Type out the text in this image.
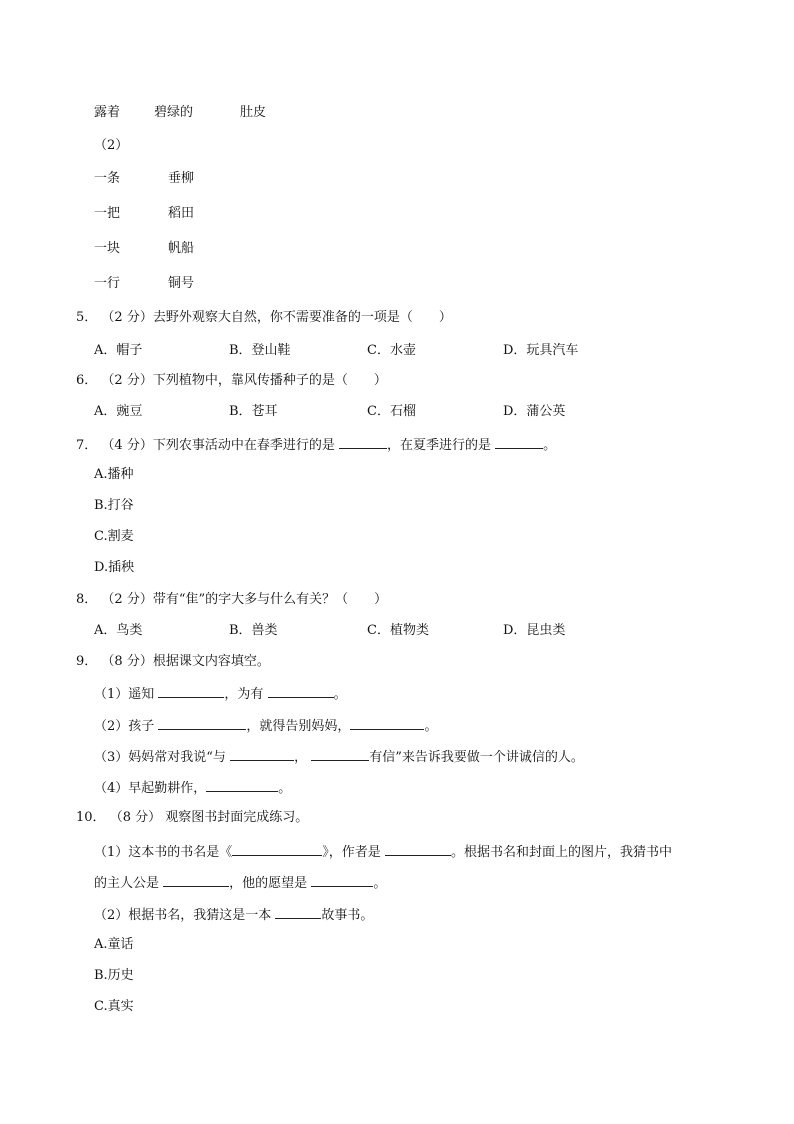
露着	碧绿的	肚皮
（2）
一条	垂柳
一把	稻田
一块	帆船
一行	铜号
5． （2 分）去野外观察大自然，你不需要准备的一项是（ ）
A．帽子	B．登山鞋	C．水壶	D．玩具汽车
6． （2 分）下列植物中，靠风传播种子的是（ ）
A．豌豆	B．苍耳	C．石榴	D．蒲公英
7． （4 分）下列农事活动中在春季进行的是	，在夏季进行的是	。
A.播种
B.打谷
C.割麦
D.插秧
8． （2 分）带有“隹”的字大多与什么有关？（ ）
A．鸟类	B．兽类	C．植物类	D．昆虫类
9． （8 分）根据课文内容填空。
（1）遥知	，为有	。
（2）孩子	，就得告别妈妈，	。
（3）妈妈常对我说“与	，	有信”来告诉我要做一个讲诚信的人。
（4）早起勤耕作，	。
10． （8 分） 观察图书封面完成练习。
（1）这本书的书名是《	》，作者是	。根据书名和封面上的图片，我猜书中
的主人公是	，他的愿望是	。
（2）根据书名，我猜这是一本	故事书。
A.童话
B.历史
C.真实
